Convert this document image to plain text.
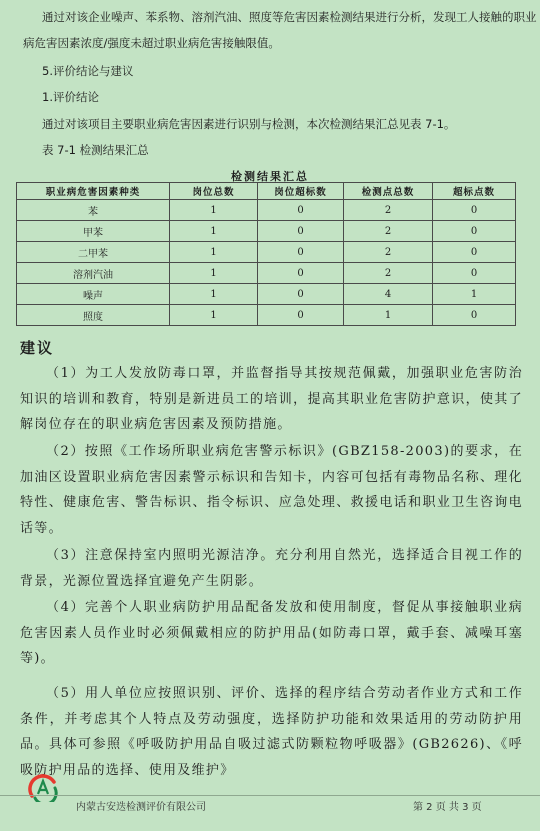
通过对该企业噪声、苯系物、溶剂汽油、照度等危害因素检测结果进行分析，发现工人接触的职业
病危害因素浓度/强度未超过职业病危害接触限值。
5.评价结论与建议
1.评价结论
通过对该项目主要职业病危害因素进行识别与检测，本次检测结果汇总见表 7-1。
表 7-1 检测结果汇总
检测结果汇总
职业病危害因素种类	岗位总数	岗位超标数	检测点总数	超标点数
苯	1	0	2	0
甲苯	1	0	2	0
二甲苯	1	0	2	0
溶剂汽油	1	0	2	0
噪声	1	0	4	1
照度	1	0	1	0
建议

（1）为工人发放防毒口罩，并监督指导其按规范佩戴，加强职业危害防治知识的培训和教育，特别是新进员工的培训，提高其职业危害防护意识，使其了解岗位存在的职业病危害因素及预防措施。

（2）按照《工作场所职业病危害警示标识》(GBZ158-2003)的要求，在加油区设置职业病危害因素警示标识和告知卡，内容可包括有毒物品名称、理化特性、健康危害、警告标识、指令标识、应急处理、救援电话和职业卫生咨询电话等。

（3）注意保持室内照明光源洁净。充分利用自然光，选择适合目视工作的背景，光源位置选择宜避免产生阴影。

（4）完善个人职业病防护用品配备发放和使用制度，督促从事接触职业病危害因素人员作业时必须佩戴相应的防护用品(如防毒口罩，戴手套、减噪耳塞等)。

（5）用人单位应按照识别、评价、选择的程序结合劳动者作业方式和工作条件，并考虑其个人特点及劳动强度，选择防护功能和效果适用的劳动防护用品。具体可参照《呼吸防护用品自吸过滤式防颗粒物呼吸器》(GB2626)、《呼吸防护用品的选择、使用及维护》

内蒙古安迭检测评价有限公司	第 2 页 共 3 页
